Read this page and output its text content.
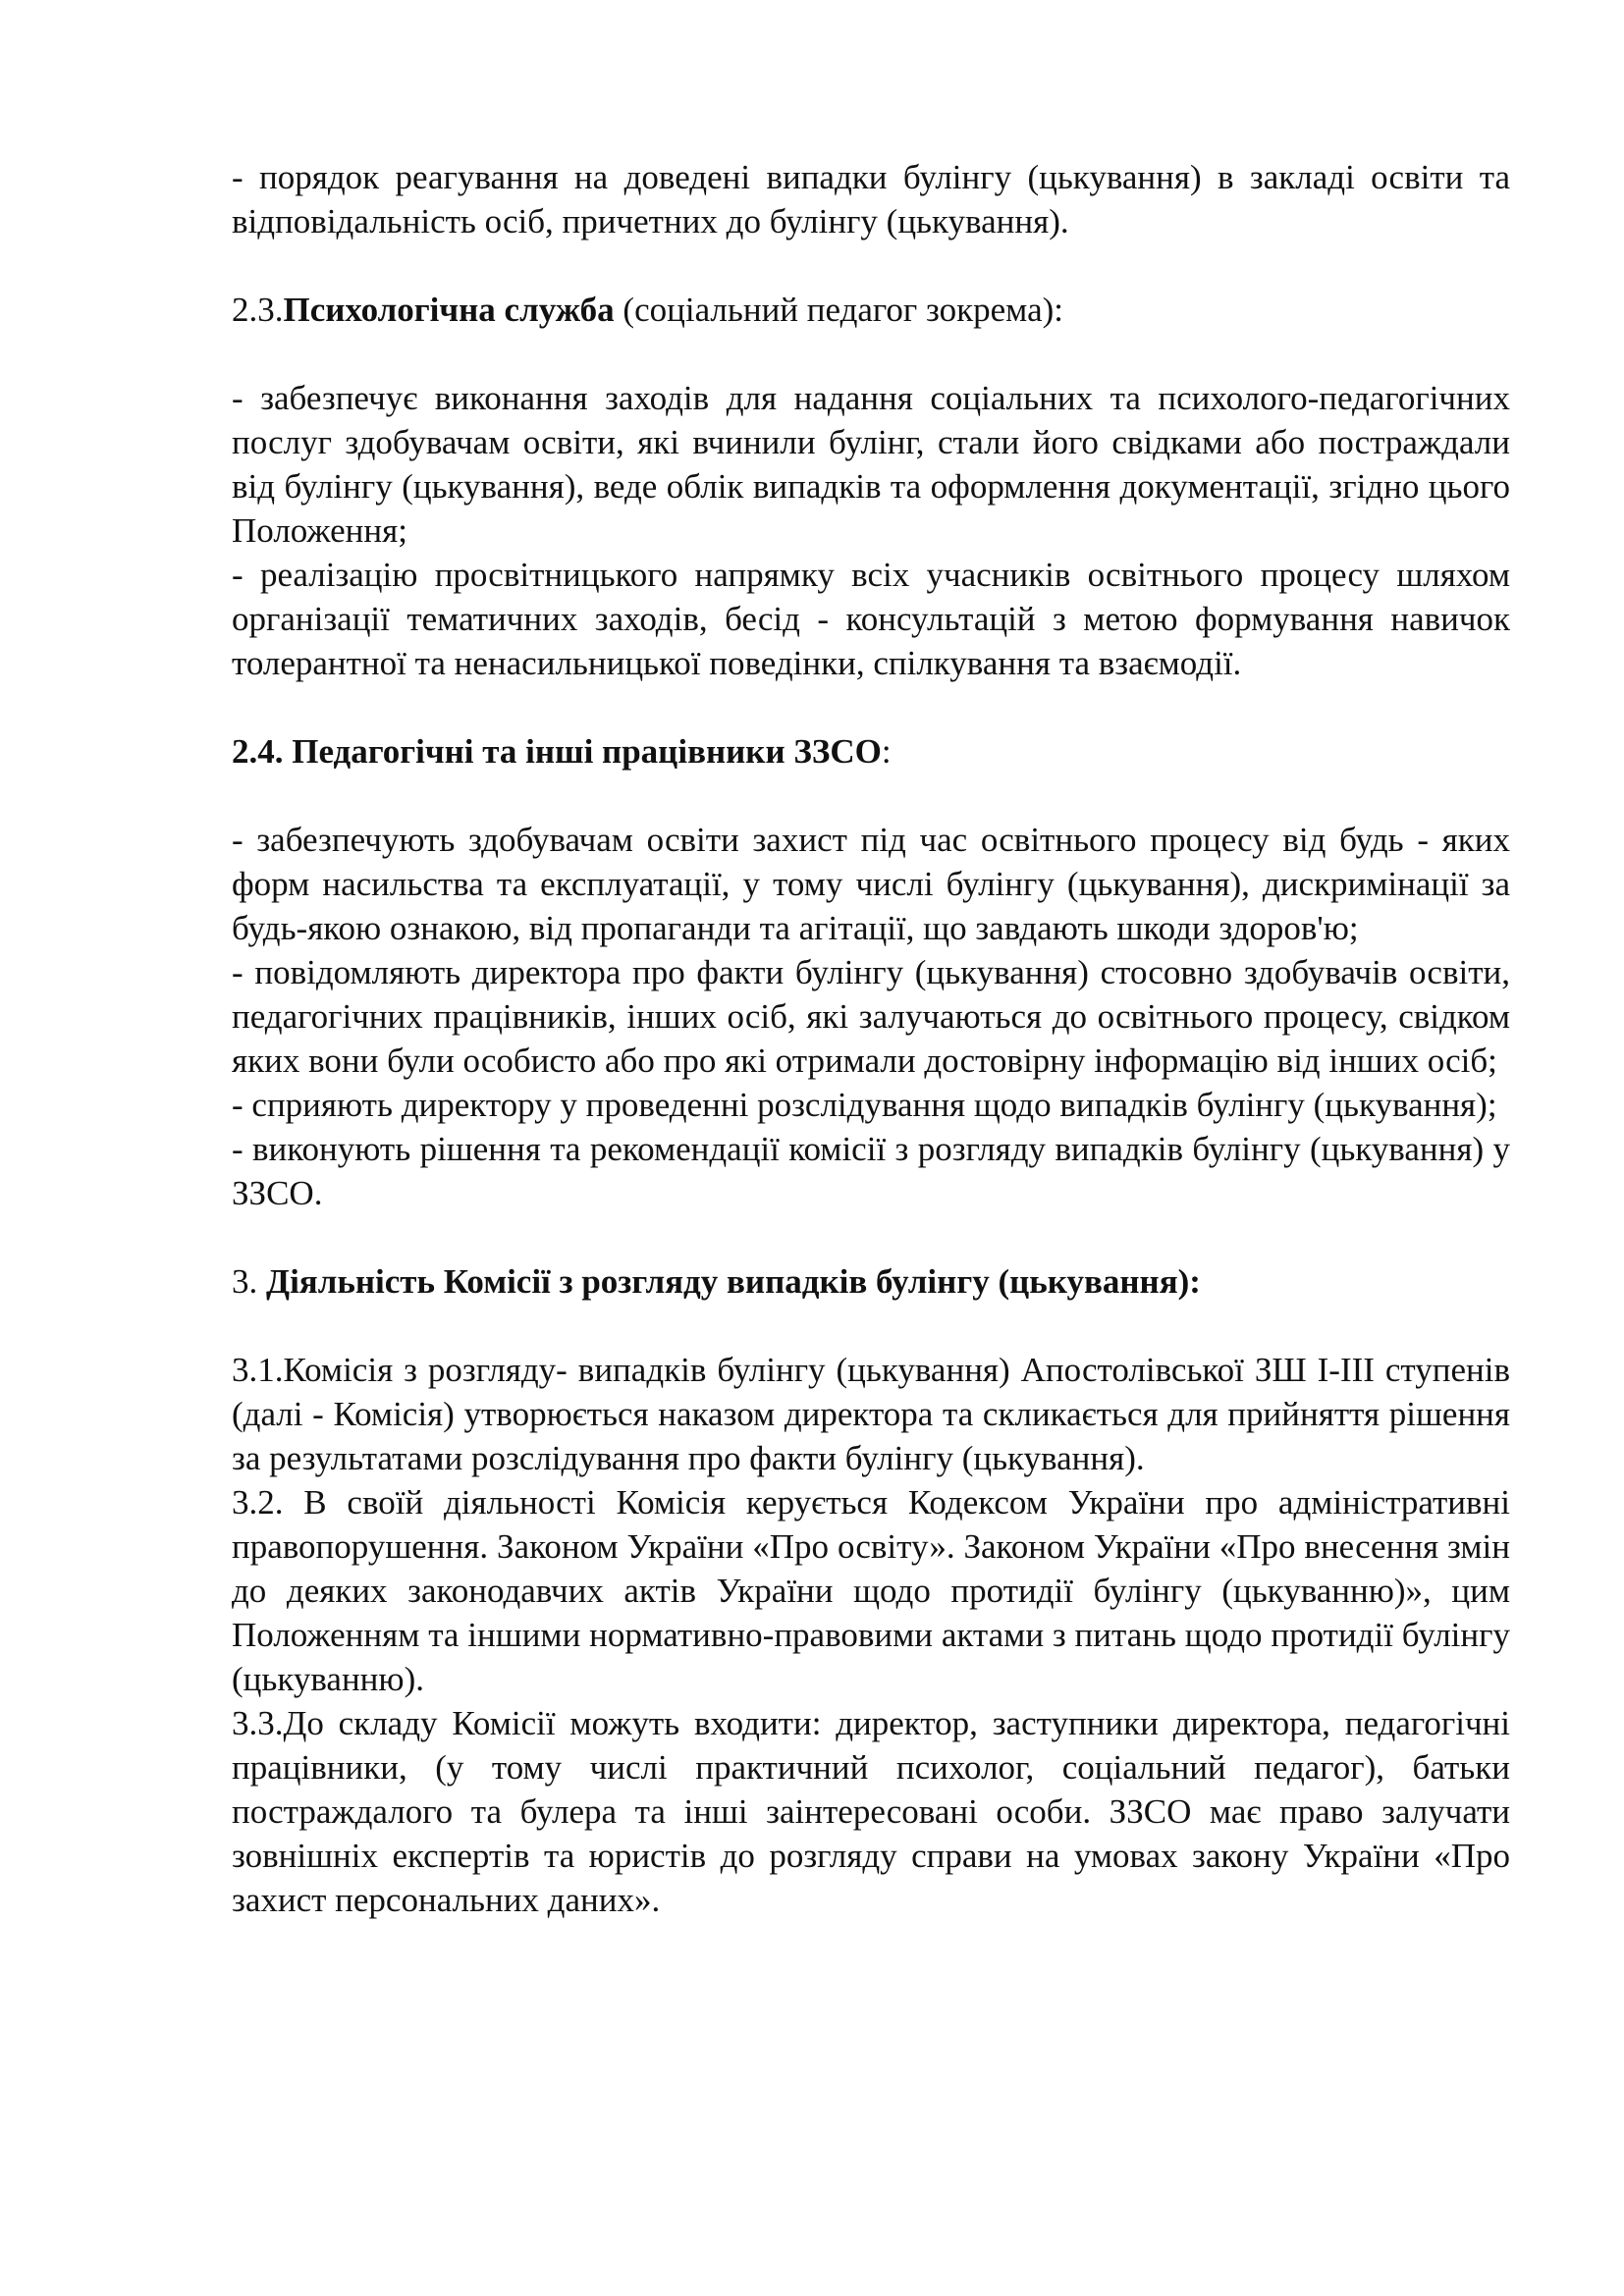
- порядок реагування на доведені випадки булінгу (цькування) в закладі освіти та відповідальність осіб, причетних до булінгу (цькування).

2.3.Психологічна служба (соціальний педагог зокрема):

- забезпечує виконання заходів для надання соціальних та психолого-педагогічних послуг здобувачам освіти, які вчинили булінг, стали його свідками або постраждали від булінгу (цькування), веде облік випадків та оформлення документації, згідно цього Положення;

- реалізацію просвітницького напрямку всіх учасників освітнього процесу шляхом організації тематичних заходів, бесід - консультацій з метою формування навичок толерантної та ненасильницької поведінки, спілкування та взаємодії.

2.4. Педагогічні та інші працівники ЗЗСО:

- забезпечують здобувачам освіти захист під час освітнього процесу від будь - яких форм насильства та експлуатації, у тому числі булінгу (цькування), дискримінації за будь-якою ознакою, від пропаганди та агітації, що завдають шкоди здоров'ю;

- повідомляють директора про факти булінгу (цькування) стосовно здобувачів освіти, педагогічних працівників, інших осіб, які залучаються до освітнього процесу, свідком яких вони були особисто або про які отримали достовірну інформацію від інших осіб;

- сприяють директору у проведенні розслідування щодо випадків булінгу (цькування);

- виконують рішення та рекомендації комісії з розгляду випадків булінгу (цькування) у ЗЗСО.

3. Діяльність Комісії з розгляду випадків булінгу (цькування):

3.1.Комісія з розгляду- випадків булінгу (цькування) Апостолівської ЗШ І-ІІІ ступенів (далі - Комісія) утворюється наказом директора та скликається для прийняття рішення за результатами розслідування про факти булінгу (цькування).

3.2. В своїй діяльності Комісія керується Кодексом України про адміністративні правопорушення. Законом України «Про освіту». Законом України «Про внесення змін до деяких законодавчих актів України щодо протидії булінгу (цькуванню)», цим Положенням та іншими нормативно-правовими актами з питань щодо протидії булінгу (цькуванню).

3.3.До складу Комісії можуть входити: директор, заступники директора, педагогічні працівники, (у тому числі практичний психолог, соціальний педагог), батьки постраждалого та булера та інші заінтересовані особи. ЗЗСО має право залучати зовнішніх експертів та юристів до розгляду справи на умовах закону України «Про захист персональних даних».
